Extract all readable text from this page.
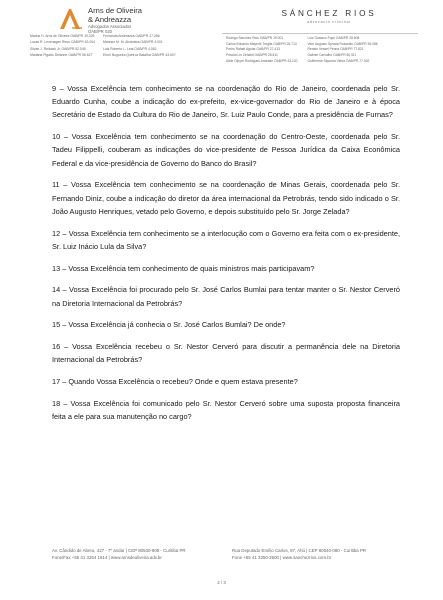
Arns de Oliveira
& Andreazza
Advogados Associados
OAB/PR 020
Marlus H. Arns de Oliveira OAB/PR 19.226
Lucas R. Levenagen Reus OAB/PR 63.004
Silvan J. Reiback Jr. OAB/PR 52.048
Mariana Pigatto Delanne OAB/PR 56.627
Fernanda Andreazza OAB/PR 27.286
Marinez M. M. Alcântara OAB/PR 4.001
Luis Roberto L. Leal OAB/PR 4.063
Eriulí Nogueira Queiroz Batalha OAB/PR 43.607
SÁNCHEZ RIOS
advocacia criminal
Rodrigo Sánchez Rios OAB/PR 19.001
Carlos Eduardo Mayerle Treglia OAB/PR 26.713
Pedro Rafael Aguiar OAB/PR 27.413
Priscila Lin Zehaldi OAB/PR 28.511
Alide Ojeyre Rodrigues Andrade OAB/PR 43.120
Luiz Gustavo Pujol OAB/PR 28.608
Vitor Augusto Sprada Rossetim OAB/PR 35.086
Renato Vessel Penna OAB/PR 77.821
Gabriel Carvalho OAB/PR 80.911
Guilherme Siqueira Vieira OAB/PR 77.002

9 – Vossa Excelência tem conhecimento se na coordenação do Rio de Janeiro, coordenada pelo Sr. Eduardo Cunha, coube a indicação do ex-prefeito, ex-vice-governador do Rio de Janeiro e à época Secretário de Estado da Cultura do Rio de Janeiro, Sr. Luiz Paulo Conde, para a presidência de Furnas?

10 – Vossa Excelência tem conhecimento se na coordenação do Centro-Oeste, coordenada pelo Sr. Tadeu Filippelli, couberam as indicações do vice-presidente de Pessoa Jurídica da Caixa Econômica Federal e da vice-presidência de Governo do Banco do Brasil?

11 – Vossa Excelência tem conhecimento se na coordenação de Minas Gerais, coordenada pelo Sr. Fernando Diniz, coube a indicação do diretor da área internacional da Petrobrás, tendo sido indicado o Sr. João Augusto Henriques, vetado pelo Governo, e depois substituído pelo Sr. Jorge Zelada?

12 – Vossa Excelência tem conhecimento se a interlocução com o Governo era feita com o ex-presidente, Sr. Luiz Inácio Lula da Silva?

13 – Vossa Excelência tem conhecimento de quais ministros mais participavam?

14 – Vossa Excelência foi procurado pelo Sr. José Carlos Bumlai para tentar manter o Sr. Nestor Cerveró na Diretoria Internacional da Petrobrás?

15 – Vossa Excelência já conhecia o Sr. José Carlos Bumlai? De onde?

16 – Vossa Excelência recebeu o Sr. Nestor Cerveró para discutir a permanência dele na Diretoria Internacional da Petrobrás?

17 – Quando Vossa Excelência o recebeu? Onde e quem estava presente?

18 – Vossa Excelência foi comunicado pelo Sr. Nestor Cerveró sobre uma suposta proposta financeira feita a ele para sua manutenção no cargo?

Av. Cândido de Abreu, 427 - 7º andar | CEP 80530-905 - Curitiba PR
Fone/Fax +55 41 3254 1814 | www.arnsdeoliveira.adv.br
Rua Deputado Emílio Carlos, 87, Ahú | CEP 80540-080 - Curitiba PR
Fone +55 41 3250-2500 | www.sanchezrios.com.br
2 / 3
